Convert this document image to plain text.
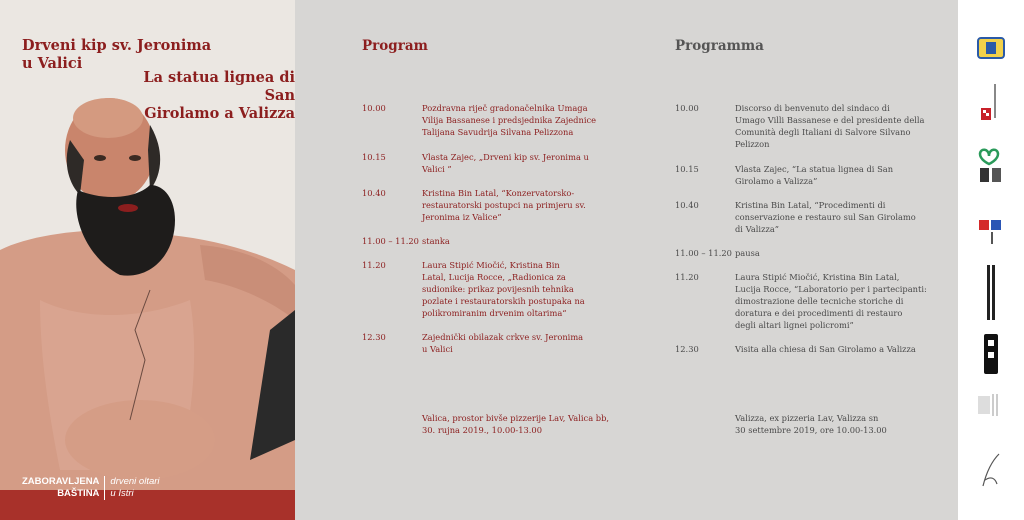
Drveni kip sv. Jeronima
u Valici
La statua lignea di San
Girolamo a Valizza
ZABORAVLJENA
BAŠTINA
drveni oltari
u Istri
Program
10.00	Pozdravna riječ gradonačelnika Umaga
Vilija Bassanese i predsjednika Zajednice
Talijana Savudrija Silvana Pelizzona
10.15	Vlasta Zajec, „Drveni kip sv. Jeronima u
Valici ”
10.40	Kristina Bin Latal, “Konzervatorsko-
restauratorski postupci na primjeru sv.
Jeronima iz Valice”
11.00 – 11.20 stanka
11.20	Laura Stipić Miočić, Kristina Bin
Latal, Lucija Rocce, „Radionica za
sudionike: prikaz povijesnih tehnika
pozlate i restauratorskih postupaka na
polikromiranim drvenim oltarima“
12.30	Zajednički obilazak crkve sv. Jeronima
u Valici
Valica, prostor bivše pizzerije Lav, Valica bb,
30. rujna 2019., 10.00-13.00
Programma
10.00	Discorso di benvenuto del sindaco di
Umago Villi Bassanese e del presidente della
Comunità degli Italiani di Salvore Silvano
Pelizzon
10.15	Vlasta Zajec, “La statua lignea di San
Girolamo a Valizza”
10.40	Kristina Bin Latal, “Procedimenti di
conservazione e restauro sul San Girolamo
di Valizza”
11.00 – 11.20 pausa
11.20	Laura Stipić Miočić, Kristina Bin Latal,
Lucija Rocce, “Laboratorio per i partecipanti:
dimostrazione delle tecniche storiche di
doratura e dei procedimenti di restauro
degli altari lignei policromi”
12.30	Visita alla chiesa di San Girolamo a Valizza
Valizza, ex pizzeria Lav, Valizza sn
30 settembre 2019, ore 10.00-13.00
